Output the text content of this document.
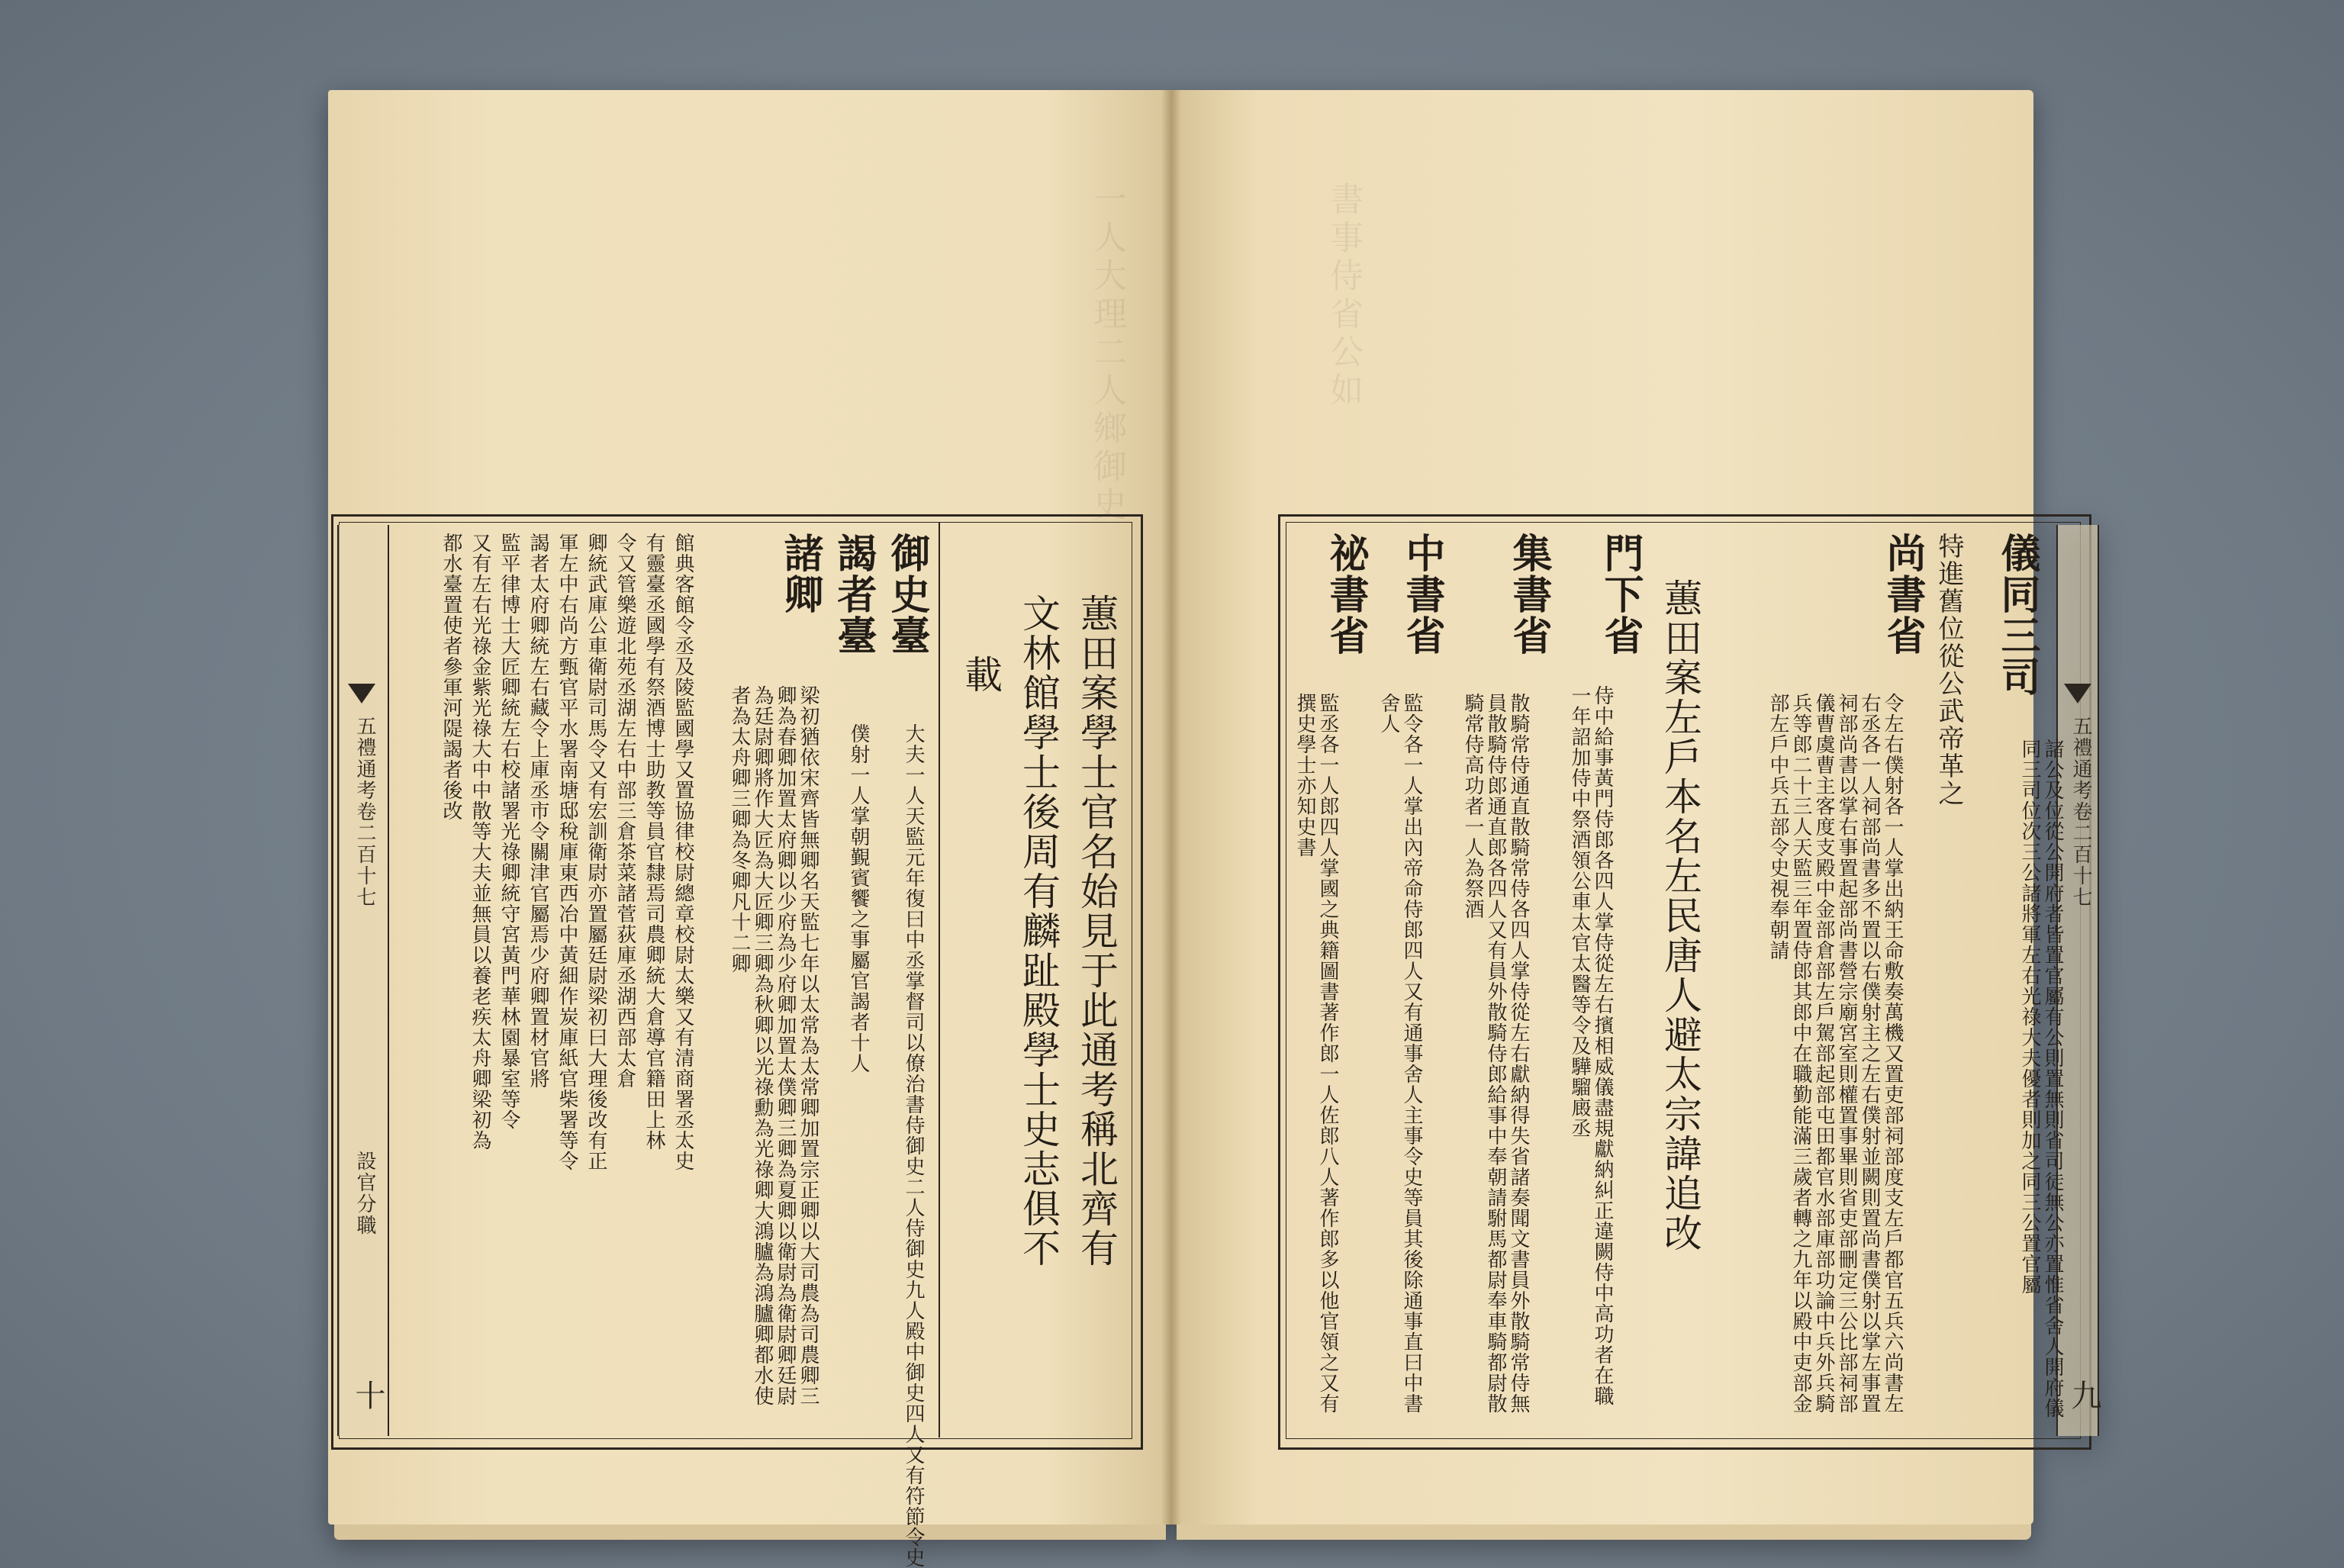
一人大理二人鄉御史
五禮通考卷二百十七
設官分職
十
蕙田案學士官名始見于此通考稱北齊有
文林館學士後周有麟趾殿學士史志俱不
載
御史臺
大夫一人天監元年復曰中丞掌督司以僚治書侍御史二人侍御史九人殿中御史四人又有符節令史
謁者臺
僕射一人掌朝覲賓饗之事屬官謁者十人
諸卿
梁初猶依宋齊皆無卿名天監七年以太常為太常卿加置宗正卿以大司農為司農卿三卿為春卿加置太府卿以少府為少府卿加置太僕卿三卿為夏卿以衛尉為衛尉卿廷尉為廷尉卿將作大匠為大匠卿三卿為秋卿以光祿勳為光祿卿大鴻臚為鴻臚卿都水使者為太舟卿三卿為冬卿凡十二卿
館典客館令丞及陵監國學又置協律校尉總章校尉太樂又有清商署丞太史
有靈臺丞國學有祭酒博士助教等員官隸焉司農卿統大倉導官籍田上林
令又管樂遊北苑丞湖左右中部三倉茶菜諸菅荻庫丞湖西部太倉
卿統武庫公車衛尉司馬令又有宏訓衛尉亦置屬廷尉梁初曰大理後改有正
軍左中右尚方甄官平水署南塘邸稅庫東西冶中黃細作炭庫紙官柴署等令
謁者太府卿統左右藏令上庫丞市令關津官屬焉少府卿置材官將
監平律博士大匠卿統左右校諸署光祿卿統守宮黃門華林園暴室等令
又有左右光祿金紫光祿大中中散等大夫並無員以養老疾太舟卿梁初為
都水臺置使者參軍河隄謁者後改
書事侍省公如
五禮通考卷二百十七
九
儀同三司
諸公及位從公開府者皆置官屬有公則置無則省司徒無公亦置惟省舍人開府儀同三司位次三公諸將軍左右光祿大夫優者則加之同三公置官屬
特進舊位從公武帝革之
尚書省
令左右僕射各一人掌出納王命敷奏萬機又置吏部祠部度支左戶都官五兵六尚書左右丞各一人祠部尚書多不置以右僕射主之左右僕射並闕則置尚書僕射以掌左事置祠部尚書以掌右事置起部尚書營宗廟宮室則權置事畢則省吏部刪定三公比部祠部儀曹虞曹主客度支殿中金部倉部左戶駕部起部屯田都官水部庫部功論中兵外兵騎兵等郎二十三人天監三年置侍郎其郎中在職勤能滿三歲者轉之九年以殿中吏部金部左戶中兵五部令史視奉朝請
蕙田案左戶本名左民唐人避太宗諱追改
門下省
侍中給事黃門侍郎各四人掌侍從左右擯相威儀盡規獻納糾正違闕侍中高功者在職一年詔加侍中祭酒領公車太官太醫等令及驊騮廄丞
集書省
散騎常侍通直散騎常侍各四人掌侍從左右獻納得失省諸奏聞文書員外散騎常侍無員散騎侍郎通直郎各四人又有員外散騎侍郎給事中奉朝請駙馬都尉奉車騎都尉散騎常侍高功者一人為祭酒
中書省
監令各一人掌出內帝命侍郎四人又有通事舍人主事令史等員其後除通事直曰中書舍人
祕書省
監丞各一人郎四人掌國之典籍圖書著作郎一人佐郎八人著作郎多以他官領之又有撰史學士亦知史書
